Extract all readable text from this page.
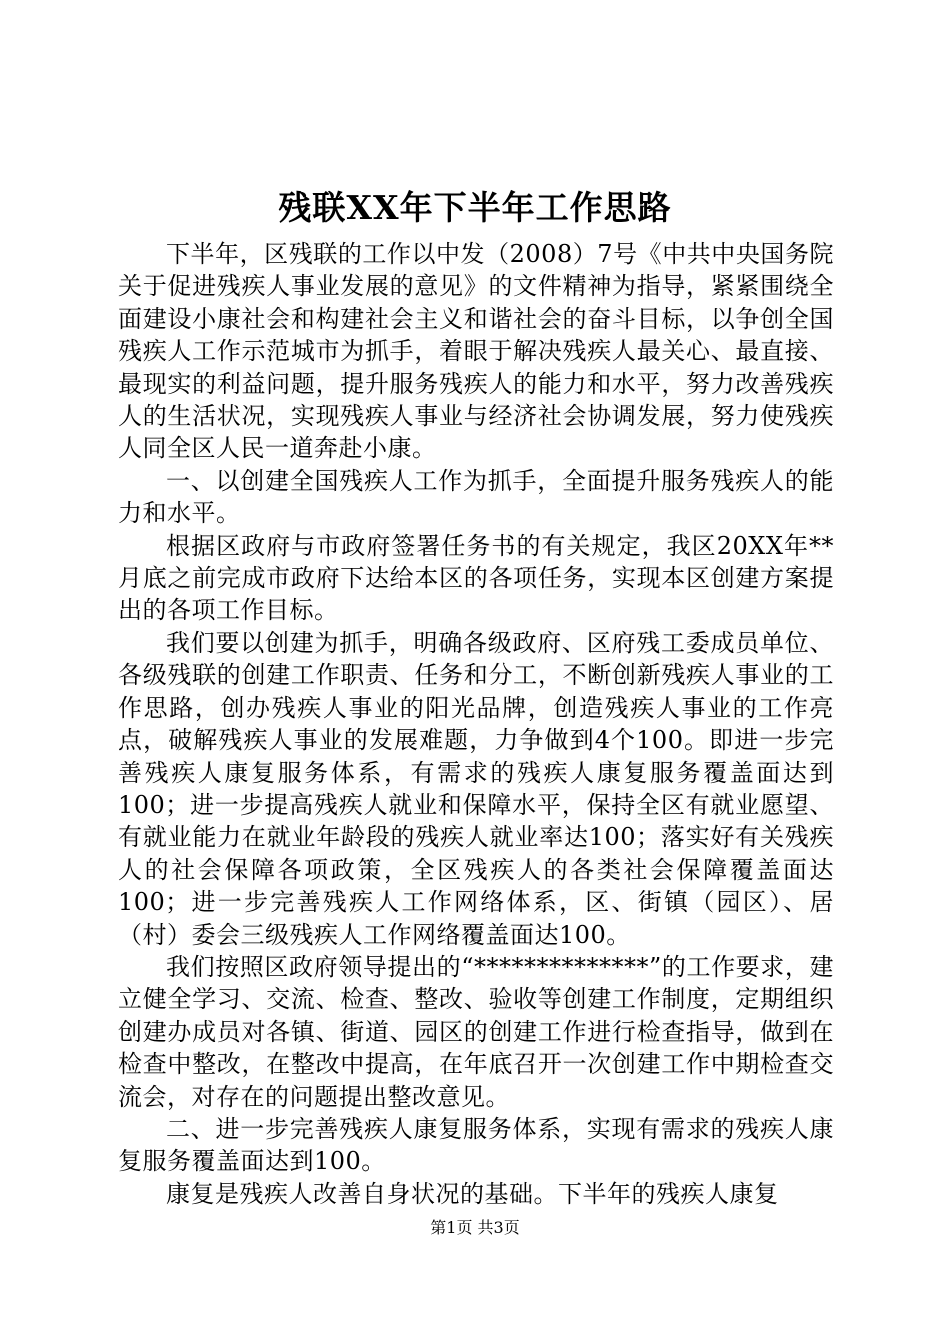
残联XX年下半年工作思路

下半年，区残联的工作以中发（2008）7号《中共中央国务院关于促进残疾人事业发展的意见》的文件精神为指导，紧紧围绕全面建设小康社会和构建社会主义和谐社会的奋斗目标，以争创全国残疾人工作示范城市为抓手，着眼于解决残疾人最关心、最直接、最现实的利益问题，提升服务残疾人的能力和水平，努力改善残疾人的生活状况，实现残疾人事业与经济社会协调发展，努力使残疾人同全区人民一道奔赴小康。

一、以创建全国残疾人工作为抓手，全面提升服务残疾人的能力和水平。

根据区政府与市政府签署任务书的有关规定，我区20XX年**月底之前完成市政府下达给本区的各项任务，实现本区创建方案提出的各项工作目标。

我们要以创建为抓手，明确各级政府、区府残工委成员单位、各级残联的创建工作职责、任务和分工，不断创新残疾人事业的工作思路，创办残疾人事业的阳光品牌，创造残疾人事业的工作亮点，破解残疾人事业的发展难题，力争做到4个100。即进一步完善残疾人康复服务体系，有需求的残疾人康复服务覆盖面达到100；进一步提高残疾人就业和保障水平，保持全区有就业愿望、有就业能力在就业年龄段的残疾人就业率达100；落实好有关残疾人的社会保障各项政策，全区残疾人的各类社会保障覆盖面达100；进一步完善残疾人工作网络体系，区、街镇（园区）、居（村）委会三级残疾人工作网络覆盖面达100。

我们按照区政府领导提出的“**************”的工作要求，建立健全学习、交流、检查、整改、验收等创建工作制度，定期组织创建办成员对各镇、街道、园区的创建工作进行检查指导，做到在检查中整改，在整改中提高，在年底召开一次创建工作中期检查交流会，对存在的问题提出整改意见。

二、进一步完善残疾人康复服务体系，实现有需求的残疾人康复服务覆盖面达到100。

康复是残疾人改善自身状况的基础。下半年的残疾人康复

第1页 共3页
